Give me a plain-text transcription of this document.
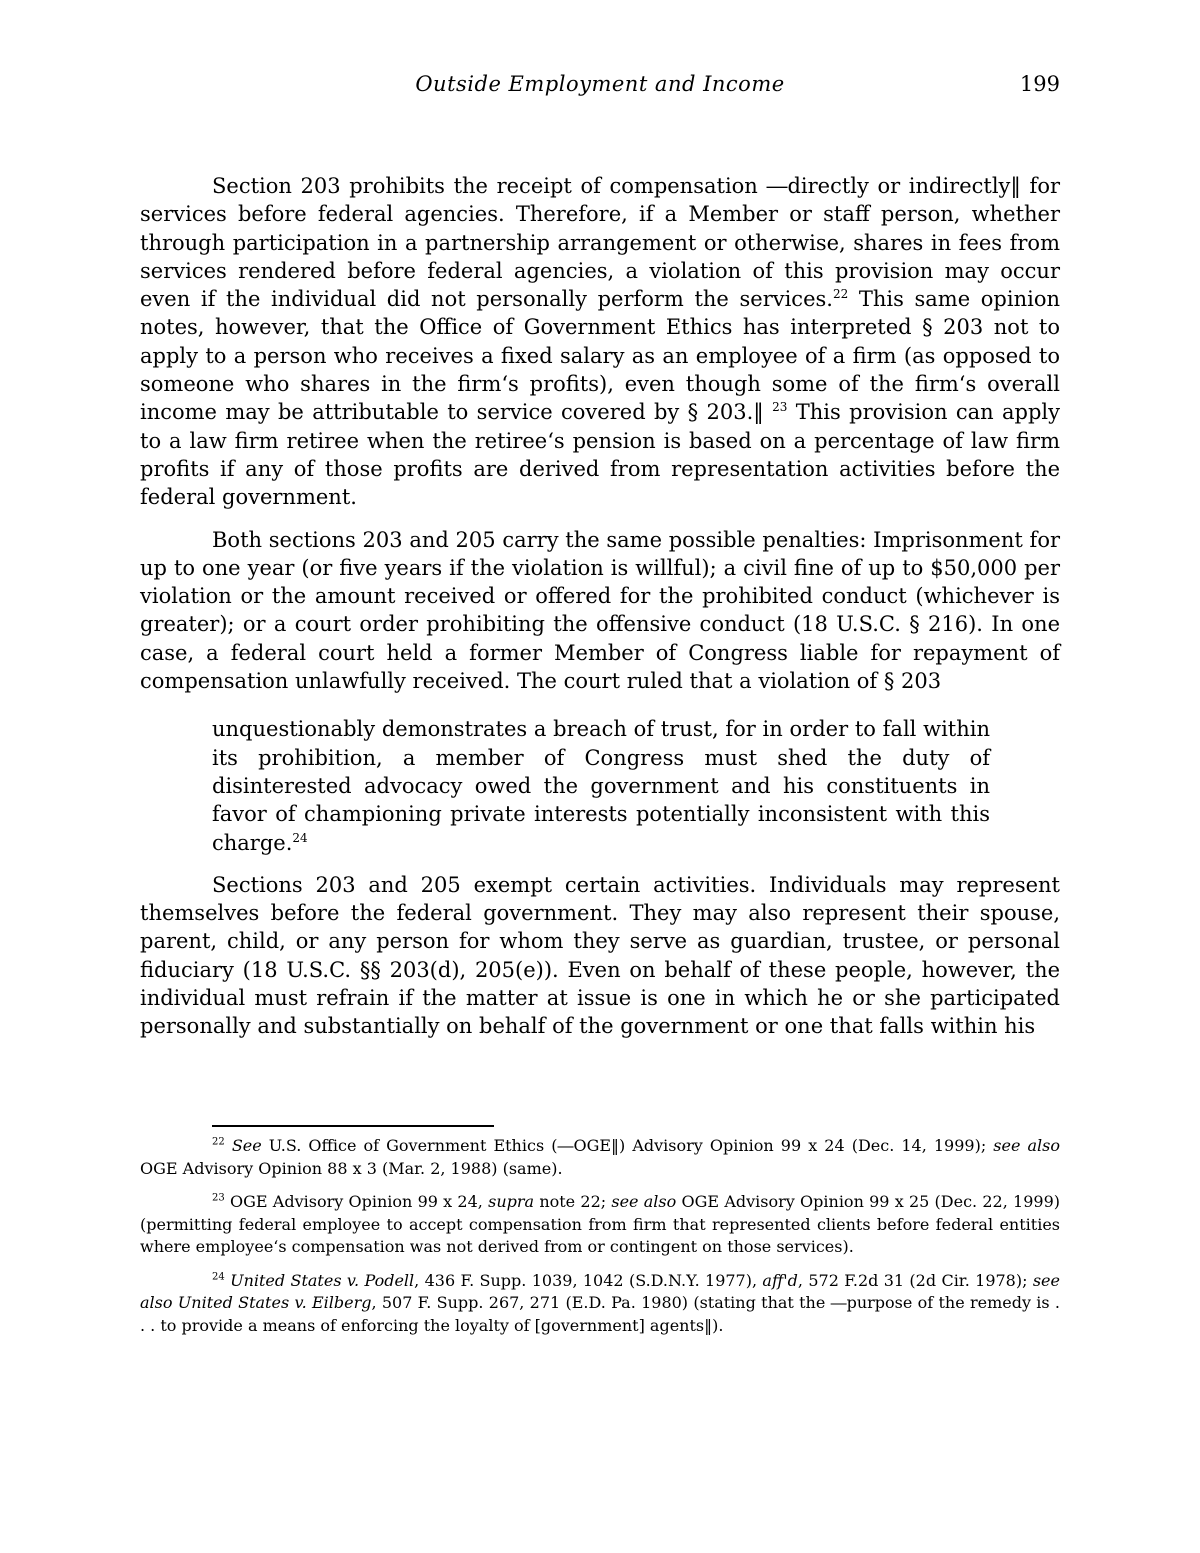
Outside Employment and Income	199

Section 203 prohibits the receipt of compensation ―directly or indirectly‖ for services before federal agencies. Therefore, if a Member or staff person, whether through participation in a partnership arrangement or otherwise, shares in fees from services rendered before federal agencies, a violation of this provision may occur even if the individual did not personally perform the services.$^{22}$ This same opinion notes, however, that the Office of Government Ethics has interpreted § 203 not to apply to a person who receives a fixed salary as an employee of a firm (as opposed to someone who shares in the firm‘s profits), even though some of the firm‘s overall income may be attributable to service covered by § 203.‖ $^{23}$ This provision can apply to a law firm retiree when the retiree‘s pension is based on a percentage of law firm profits if any of those profits are derived from representation activities before the federal government.

Both sections 203 and 205 carry the same possible penalties: Imprisonment for up to one year (or five years if the violation is willful); a civil fine of up to $50,000 per violation or the amount received or offered for the prohibited conduct (whichever is greater); or a court order prohibiting the offensive conduct (18 U.S.C. § 216). In one case, a federal court held a former Member of Congress liable for repayment of compensation unlawfully received. The court ruled that a violation of § 203

unquestionably demonstrates a breach of trust, for in order to fall within its prohibition, a member of Congress must shed the duty of disinterested advocacy owed the government and his constituents in favor of championing private interests potentially inconsistent with this charge.$^{24}$

Sections 203 and 205 exempt certain activities. Individuals may represent themselves before the federal government. They may also represent their spouse, parent, child, or any person for whom they serve as guardian, trustee, or personal fiduciary (18 U.S.C. §§ 203(d), 205(e)). Even on behalf of these people, however, the individual must refrain if the matter at issue is one in which he or she participated personally and substantially on behalf of the government or one that falls within his

$^{22}$ See U.S. Office of Government Ethics (―OGE‖) Advisory Opinion 99 x 24 (Dec. 14, 1999); see also OGE Advisory Opinion 88 x 3 (Mar. 2, 1988) (same).

$^{23}$ OGE Advisory Opinion 99 x 24, supra note 22; see also OGE Advisory Opinion 99 x 25 (Dec. 22, 1999) (permitting federal employee to accept compensation from firm that represented clients before federal entities where employee‘s compensation was not derived from or contingent on those services).

$^{24}$ United States v. Podell, 436 F. Supp. 1039, 1042 (S.D.N.Y. 1977), aff'd, 572 F.2d 31 (2d Cir. 1978); see also United States v. Eilberg, 507 F. Supp. 267, 271 (E.D. Pa. 1980) (stating that the ―purpose of the remedy is . . . to provide a means of enforcing the loyalty of [government] agents‖).
